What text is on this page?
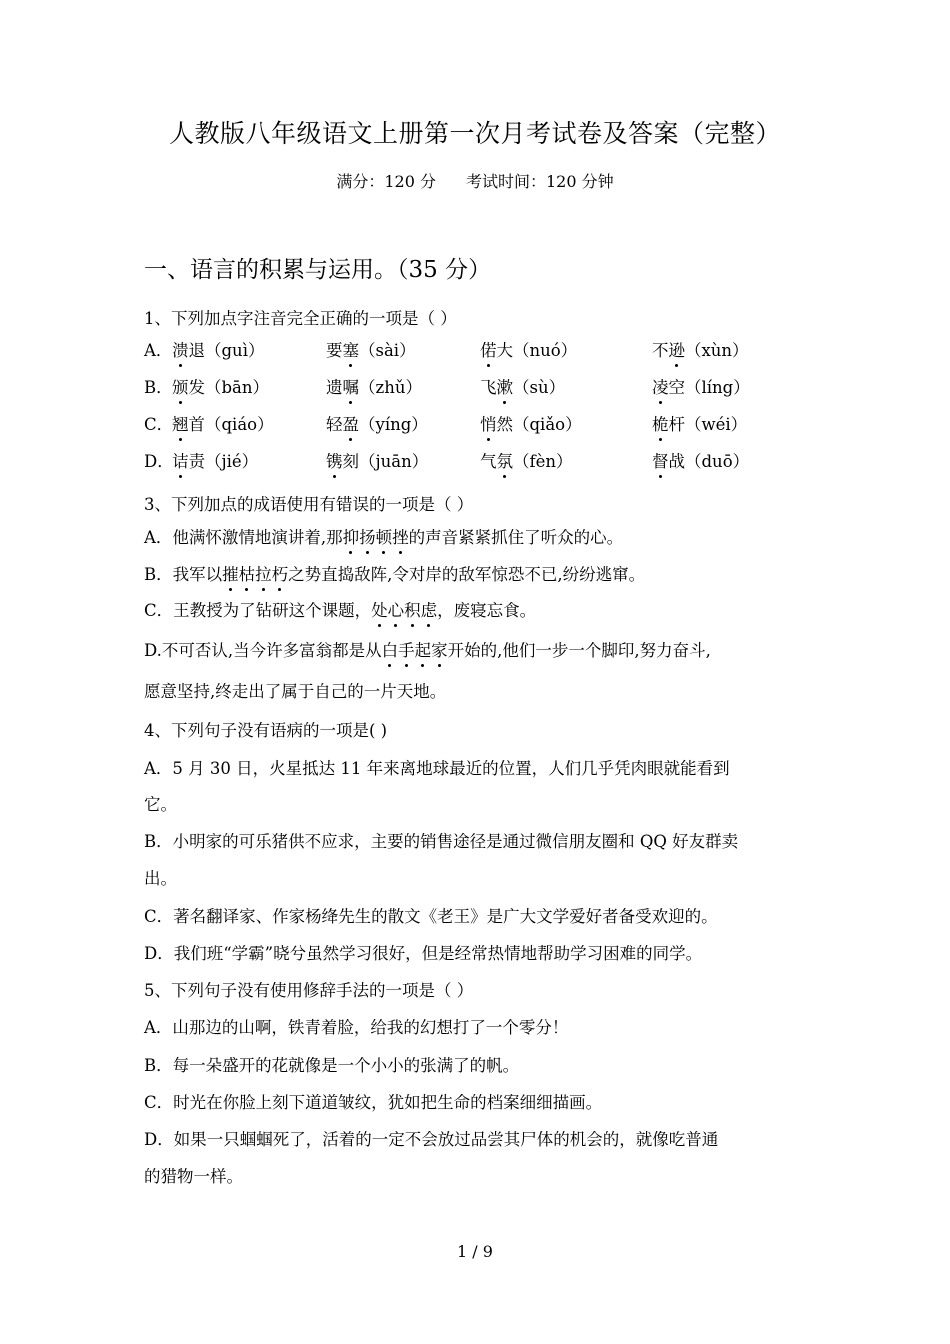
人教版八年级语文上册第一次月考试卷及答案（完整）
满分：120 分 考试时间：120 分钟
一、语言的积累与运用。（35 分）
1、下列加点字注音完全正确的一项是（ ）
A． 溃退（guì）	要塞（sài）	偌大（nuó）	不逊（xùn）
B． 颁发（bān）	遗嘱（zhǔ）	飞漱（sù）	凌空（líng）
C．
翘首（qiáo）	轻盈（yíng）	悄然（qiǎo）	桅杆（wéi）
D．
诘责（jié）	镌刻（juān）	气氛（fèn）	督战（duō）
3、下列加点的成语使用有错误的一项是（ ）
A．他满怀激情地演讲着,那抑扬顿挫的声音紧紧抓住了听众的心。
B．我军以摧枯拉朽之势直捣敌阵,令对岸的敌军惊恐不已,纷纷逃窜。
C．王教授为了钻研这个课题，处心积虑，废寝忘食。
D.不可否认,当今许多富翁都是从白手起家开始的,他们一步一个脚印,努力奋斗,
愿意坚持,终走出了属于自己的一片天地。
4、下列句子没有语病的一项是( )
A．5 月 30 日，火星抵达 11 年来离地球最近的位置，人们几乎凭肉眼就能看到
它。
B．小明家的可乐猪供不应求，主要的销售途径是通过微信朋友圈和 QQ 好友群卖
出。
C．著名翻译家、作家杨绛先生的散文《老王》是广大文学爱好者备受欢迎的。
D．我们班“学霸”晓兮虽然学习很好，但是经常热情地帮助学习困难的同学。
5、下列句子没有使用修辞手法的一项是（ ）
A．山那边的山啊，铁青着脸，给我的幻想打了一个零分！
B．每一朵盛开的花就像是一个小小的张满了的帆。
C．时光在你脸上刻下道道皱纹，犹如把生命的档案细细描画。
D．如果一只蝈蝈死了，活着的一定不会放过品尝其尸体的机会的，就像吃普通
的猎物一样。
1 / 9
